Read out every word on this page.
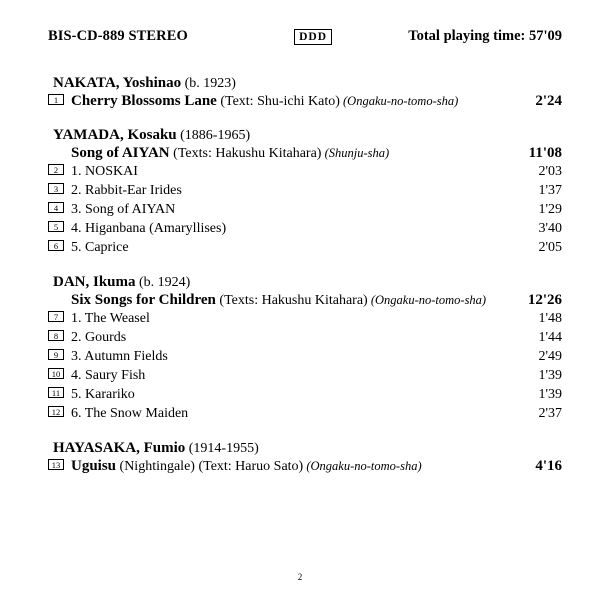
BIS-CD-889 STEREO	DDD	Total playing time: 57'09
NAKATA, Yoshinao (b. 1923)
1 Cherry Blossoms Lane (Text: Shu-ichi Kato) (Ongaku-no-tomo-sha)	2'24
YAMADA, Kosaku (1886-1965)
Song of AIYAN (Texts: Hakushu Kitahara) (Shunju-sha)	11'08
2 1. NOSKAI	2'03
3 2. Rabbit-Ear Irides	1'37
4 3. Song of AIYAN	1'29
5 4. Higanbana (Amaryllises)	3'40
6 5. Caprice	2'05
DAN, Ikuma (b. 1924)
Six Songs for Children (Texts: Hakushu Kitahara) (Ongaku-no-tomo-sha)	12'26
7 1. The Weasel	1'48
8 2. Gourds	1'44
9 3. Autumn Fields	2'49
10 4. Saury Fish	1'39
11 5. Karariko	1'39
12 6. The Snow Maiden	2'37
HAYASAKA, Fumio (1914-1955)
13 Uguisu (Nightingale) (Text: Haruo Sato) (Ongaku-no-tomo-sha)	4'16
2
